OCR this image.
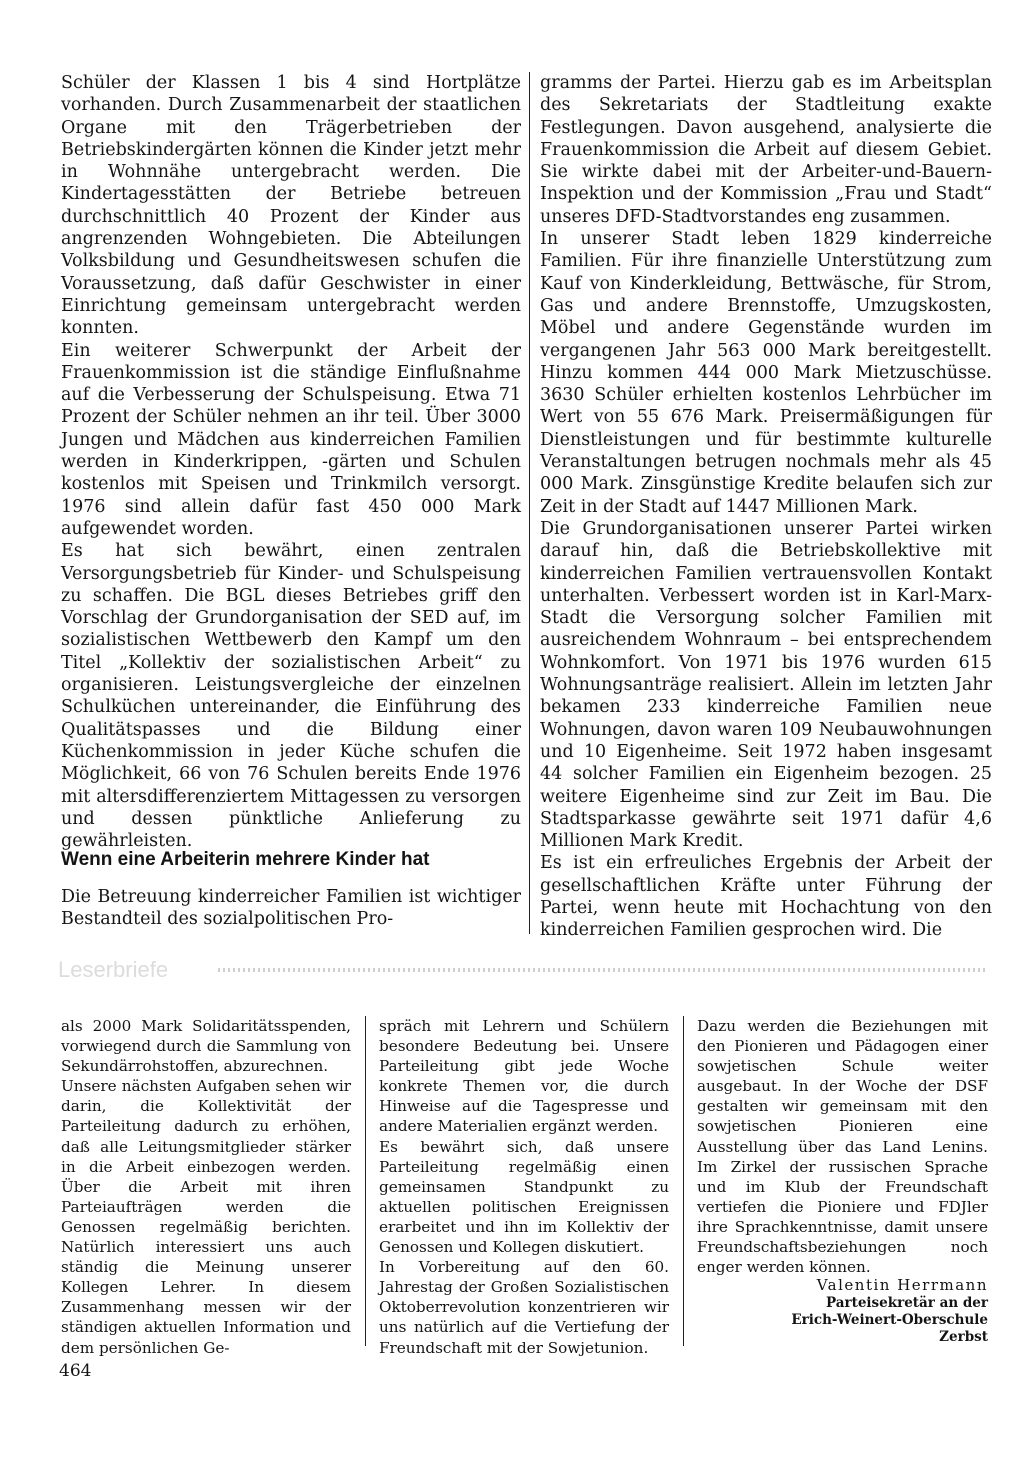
Schüler der Klassen 1 bis 4 sind Hortplätze vorhanden. Durch Zusammenarbeit der staatlichen Organe mit den Trägerbetrieben der Betriebskindergärten können die Kinder jetzt mehr in Wohnnähe untergebracht werden. Die Kindertagesstätten der Betriebe betreuen durchschnittlich 40 Prozent der Kinder aus angrenzenden Wohngebieten. Die Abteilungen Volksbildung und Gesundheitswesen schufen die Voraussetzung, daß dafür Geschwister in einer Einrichtung gemeinsam untergebracht werden konnten.

Ein weiterer Schwerpunkt der Arbeit der Frauenkommission ist die ständige Einflußnahme auf die Verbesserung der Schulspeisung. Etwa 71 Prozent der Schüler nehmen an ihr teil. Über 3000 Jungen und Mädchen aus kinderreichen Familien werden in Kinderkrippen, -gärten und Schulen kostenlos mit Speisen und Trinkmilch versorgt. 1976 sind allein dafür fast 450 000 Mark aufgewendet worden.

Es hat sich bewährt, einen zentralen Versorgungsbetrieb für Kinder- und Schulspeisung zu schaffen. Die BGL dieses Betriebes griff den Vorschlag der Grundorganisation der SED auf, im sozialistischen Wettbewerb den Kampf um den Titel „Kollektiv der sozialistischen Arbeit“ zu organisieren. Leistungsvergleiche der einzelnen Schulküchen untereinander, die Einführung des Qualitätspasses und die Bildung einer Küchenkommission in jeder Küche schufen die Möglichkeit, 66 von 76 Schulen bereits Ende 1976 mit altersdifferenziertem Mittagessen zu versorgen und dessen pünktliche Anlieferung zu gewährleisten.

Wenn eine Arbeiterin mehrere Kinder hat

Die Betreuung kinderreicher Familien ist wichtiger Bestandteil des sozialpolitischen Pro-

gramms der Partei. Hierzu gab es im Arbeitsplan des Sekretariats der Stadtleitung exakte Festlegungen. Davon ausgehend, analysierte die Frauenkommission die Arbeit auf diesem Gebiet. Sie wirkte dabei mit der Arbeiter-und-Bauern-Inspektion und der Kommission „Frau und Stadt“ unseres DFD-Stadtvorstandes eng zusammen.

In unserer Stadt leben 1829 kinderreiche Familien. Für ihre finanzielle Unterstützung zum Kauf von Kinderkleidung, Bettwäsche, für Strom, Gas und andere Brennstoffe, Umzugskosten, Möbel und andere Gegenstände wurden im vergangenen Jahr 563 000 Mark bereitgestellt. Hinzu kommen 444 000 Mark Mietzuschüsse. 3630 Schüler erhielten kostenlos Lehrbücher im Wert von 55 676 Mark. Preisermäßigungen für Dienstleistungen und für bestimmte kulturelle Veranstaltungen betrugen nochmals mehr als 45 000 Mark. Zinsgünstige Kredite belaufen sich zur Zeit in der Stadt auf 1447 Millionen Mark.

Die Grundorganisationen unserer Partei wirken darauf hin, daß die Betriebskollektive mit kinderreichen Familien vertrauensvollen Kontakt unterhalten. Verbessert worden ist in Karl-Marx-Stadt die Versorgung solcher Familien mit ausreichendem Wohnraum – bei entsprechendem Wohnkomfort. Von 1971 bis 1976 wurden 615 Wohnungsanträge realisiert. Allein im letzten Jahr bekamen 233 kinderreiche Familien neue Wohnungen, davon waren 109 Neubauwohnungen und 10 Eigenheime. Seit 1972 haben insgesamt 44 solcher Familien ein Eigenheim bezogen. 25 weitere Eigenheime sind zur Zeit im Bau. Die Stadtsparkasse gewährte seit 1971 dafür 4,6 Millionen Mark Kredit.

Es ist ein erfreuliches Ergebnis der Arbeit der gesellschaftlichen Kräfte unter Führung der Partei, wenn heute mit Hochachtung von den kinderreichen Familien gesprochen wird. Die

Leserbriefe

als 2000 Mark Solidaritätsspenden, vorwiegend durch die Sammlung von Sekundärrohstoffen, abzurechnen.

Unsere nächsten Aufgaben sehen wir darin, die Kollektivität der Parteileitung dadurch zu erhöhen, daß alle Leitungsmitglieder stärker in die Arbeit einbezogen werden. Über die Arbeit mit ihren Parteiaufträgen werden die Genossen regelmäßig berichten. Natürlich interessiert uns auch ständig die Meinung unserer Kollegen Lehrer. In diesem Zusammenhang messen wir der ständigen aktuellen Information und dem persönlichen Ge-

spräch mit Lehrern und Schülern besondere Bedeutung bei. Unsere Parteileitung gibt jede Woche konkrete Themen vor, die durch Hinweise auf die Tagespresse und andere Materialien ergänzt werden.

Es bewährt sich, daß unsere Parteileitung regelmäßig einen gemeinsamen Standpunkt zu aktuellen politischen Ereignissen erarbeitet und ihn im Kollektiv der Genossen und Kollegen diskutiert.

In Vorbereitung auf den 60. Jahrestag der Großen Sozialistischen Oktoberrevolution konzentrieren wir uns natürlich auf die Vertiefung der Freundschaft mit der Sowjetunion.

Dazu werden die Beziehungen mit den Pionieren und Pädagogen einer sowjetischen Schule weiter ausgebaut. In der Woche der DSF gestalten wir gemeinsam mit den sowjetischen Pionieren eine Ausstellung über das Land Lenins. Im Zirkel der russischen Sprache und im Klub der Freundschaft vertiefen die Pioniere und FDJler ihre Sprachkenntnisse, damit unsere Freundschaftsbeziehungen noch enger werden können.

Valentin Herrmann

Parteisekretär an der

Erich-Weinert-Oberschule

Zerbst

464
